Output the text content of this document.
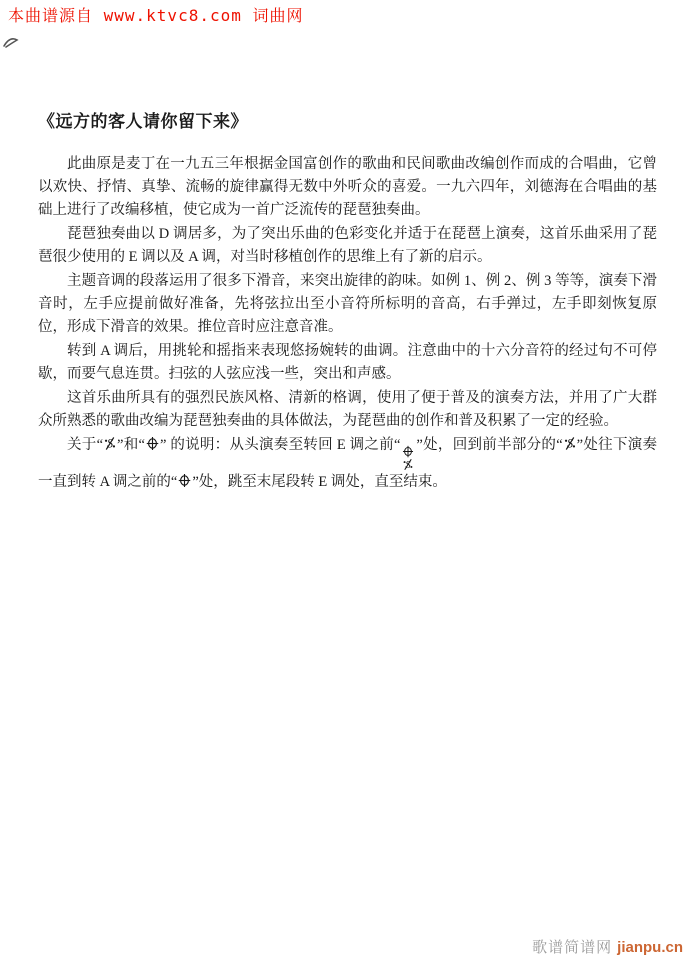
本曲谱源自 www.ktvc8.com 词曲网
《远方的客人请你留下来》

此曲原是麦丁在一九五三年根据金国富创作的歌曲和民间歌曲改编创作而成的合唱曲，它曾以欢快、抒情、真挚、流畅的旋律赢得无数中外听众的喜爱。一九六四年，刘德海在合唱曲的基础上进行了改编移植，使它成为一首广泛流传的琵琶独奏曲。

琵琶独奏曲以 D 调居多，为了突出乐曲的色彩变化并适于在琵琶上演奏，这首乐曲采用了琵琶很少使用的 E 调以及 A 调，对当时移植创作的思维上有了新的启示。

主题音调的段落运用了很多下滑音，来突出旋律的韵味。如例 1、例 2、例 3 等等，演奏下滑音时，左手应提前做好准备，先将弦拉出至小音符所标明的音高，右手弹过，左手即刻恢复原位，形成下滑音的效果。推位音时应注意音准。

转到 A 调后，用挑轮和摇指来表现悠扬婉转的曲调。注意曲中的十六分音符的经过句不可停歇，而要气息连贯。扫弦的人弦应浅一些，突出和声感。

这首乐曲所具有的强烈民族风格、清新的格调，使用了便于普及的演奏方法，并用了广大群众所熟悉的歌曲改编为琵琶独奏曲的具体做法，为琵琶曲的创作和普及积累了一定的经验。

关于“ S ”和“ ” 的说明：从头演奏至转回 E 调之前“
S
”处，回到前半部分的“ S ”处往下演奏一直到转 A 调之前的“ ”处，跳至末尾段转 E 调处，直至结束。

歌谱简谱网 jianpu.cn
